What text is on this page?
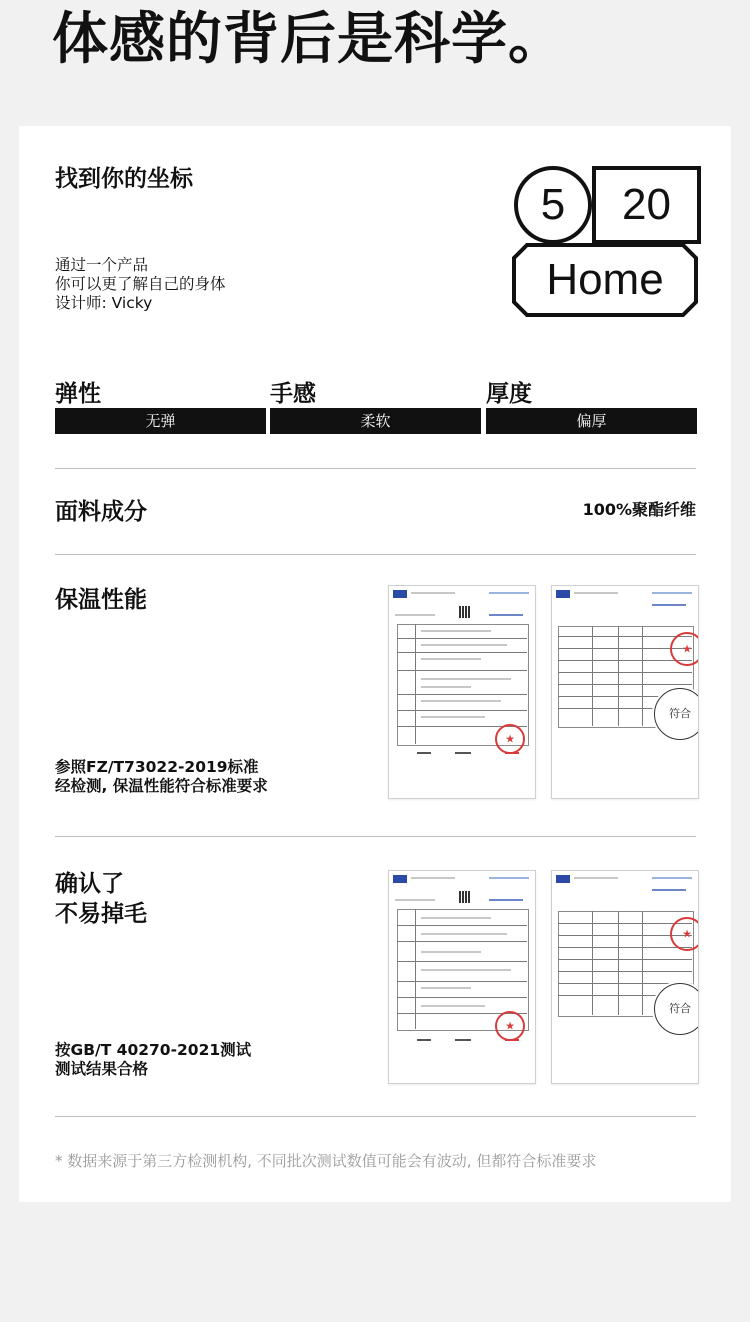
体感的背后是科学。
找到你的坐标
通过一个产品
你可以更了解自己的身体
设计师: Vicky
5	20
Home
弹性	手感	厚度
无弹	柔软	偏厚
面料成分	100%聚酯纤维
保温性能
参照FZ/T73022-2019标准
经检测, 保温性能符合标准要求
★
★
符合
确认了
不易掉毛
按GB/T 40270-2021测试
测试结果合格
★
★
符合
* 数据来源于第三方检测机构, 不同批次测试数值可能会有波动, 但都符合标准要求
